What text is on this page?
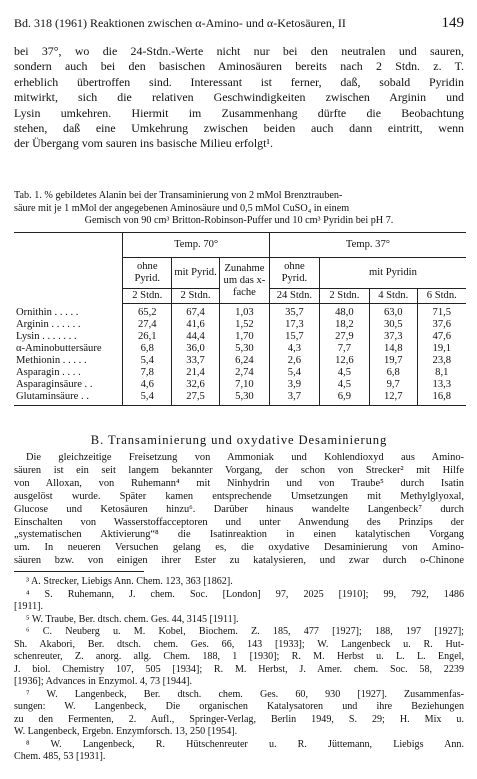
Bd. 318 (1961) Reaktionen zwischen α-Amino- und α-Ketosäuren, II	149

bei 37°, wo die 24-Stdn.-Werte nicht nur bei den neutralen und sauren,
sondern auch bei den basischen Aminosäuren bereits nach 2 Stdn. z. T.
erheblich übertroffen sind. Interessant ist ferner, daß, sobald Pyridin
mitwirkt, sich die relativen Geschwindigkeiten zwischen Arginin und
Lysin umkehren. Hiermit im Zusammenhang dürfte die Beobachtung
stehen, daß eine Umkehrung zwischen beiden auch dann eintritt, wenn
der Übergang vom sauren ins basische Milieu erfolgt¹.

Tab. 1. % gebildetes Alanin bei der Transaminierung von 2 mMol Brenztrauben-
säure mit je 1 mMol der angegebenen Aminosäure und 0,5 mMol CuSO₄ in einem
Gemisch von 90 cm³ Britton-Robinson-Puffer und 10 cm³ Pyridin bei pH 7.

	Temp. 70°			Temp. 37°			
	ohne Pyrid.	mit Pyrid.	Zunahme um das x-fache	ohne Pyrid.	mit Pyridin		
	2 Stdn.	2 Stdn.		24 Stdn.	2 Stdn.	4 Stdn.	6 Stdn.
Ornithin . . . . .	65,2	67,4	1,03	35,7	48,0	63,0	71,5
Arginin . . . . . .	27,4	41,6	1,52	17,3	18,2	30,5	37,6
Lysin . . . . . . .	26,1	44,4	1,70	15,7	27,9	37,3	47,6
α-Aminobuttersäure	6,8	36,0	5,30	4,3	7,7	14,8	19,1
Methionin . . . . .	5,4	33,7	6,24	2,6	12,6	19,7	23,8
Asparagin . . . .	7,8	21,4	2,74	5,4	4,5	6,8	8,1
Asparaginsäure . .	4,6	32,6	7,10	3,9	4,5	9,7	13,3
Glutaminsäure . .	5,4	27,5	5,30	3,7	6,9	12,7	16,8
B. Transaminierung und oxydative Desaminierung

Die gleichzeitige Freisetzung von Ammoniak und Kohlendioxyd aus Amino-
säuren ist ein seit langem bekannter Vorgang, der schon von Strecker² mit Hilfe
von Alloxan, von Ruhemann⁴ mit Ninhydrin und von Traube⁵ durch Isatin
ausgelöst wurde. Später kamen entsprechende Umsetzungen mit Methylglyoxal,
Glucose und Ketosäuren hinzu⁶. Darüber hinaus wandelte Langenbeck⁷ durch
Einschalten von Wasserstoffacceptoren und unter Anwendung des Prinzips der
„systematischen Aktivierung“⁸ die Isatinreaktion in einen katalytischen Vorgang
um. In neueren Versuchen gelang es, die oxydative Desaminierung von Amino-
säuren bzw. von einigen ihrer Ester zu katalysieren, und zwar durch o-Chinone

³ A. Strecker, Liebigs Ann. Chem. 123, 363 [1862].
⁴ S. Ruhemann, J. chem. Soc. [London] 97, 2025 [1910]; 99, 792, 1486
[1911].
⁵ W. Traube, Ber. dtsch. chem. Ges. 44, 3145 [1911].
⁶ C. Neuberg u. M. Kobel, Biochem. Z. 185, 477 [1927]; 188, 197 [1927];
Sh. Akabori, Ber. dtsch. chem. Ges. 66, 143 [1933]; W. Langenbeck u. R. Hut-
schenreuter, Z. anorg. allg. Chem. 188, 1 [1930]; R. M. Herbst u. L. L. Engel,
J. biol. Chemistry 107, 505 [1934]; R. M. Herbst, J. Amer. chem. Soc. 58, 2239
[1936]; Advances in Enzymol. 4, 73 [1944].
⁷ W. Langenbeck, Ber. dtsch. chem. Ges. 60, 930 [1927]. Zusammenfas-
sungen: W. Langenbeck, Die organischen Katalysatoren und ihre Beziehungen
zu den Fermenten, 2. Aufl., Springer-Verlag, Berlin 1949, S. 29; H. Mix u.
W. Langenbeck, Ergebn. Enzymforsch. 13, 250 [1954].
⁸ W. Langenbeck, R. Hütschenreuter u. R. Jüttemann, Liebigs Ann.
Chem. 485, 53 [1931].
